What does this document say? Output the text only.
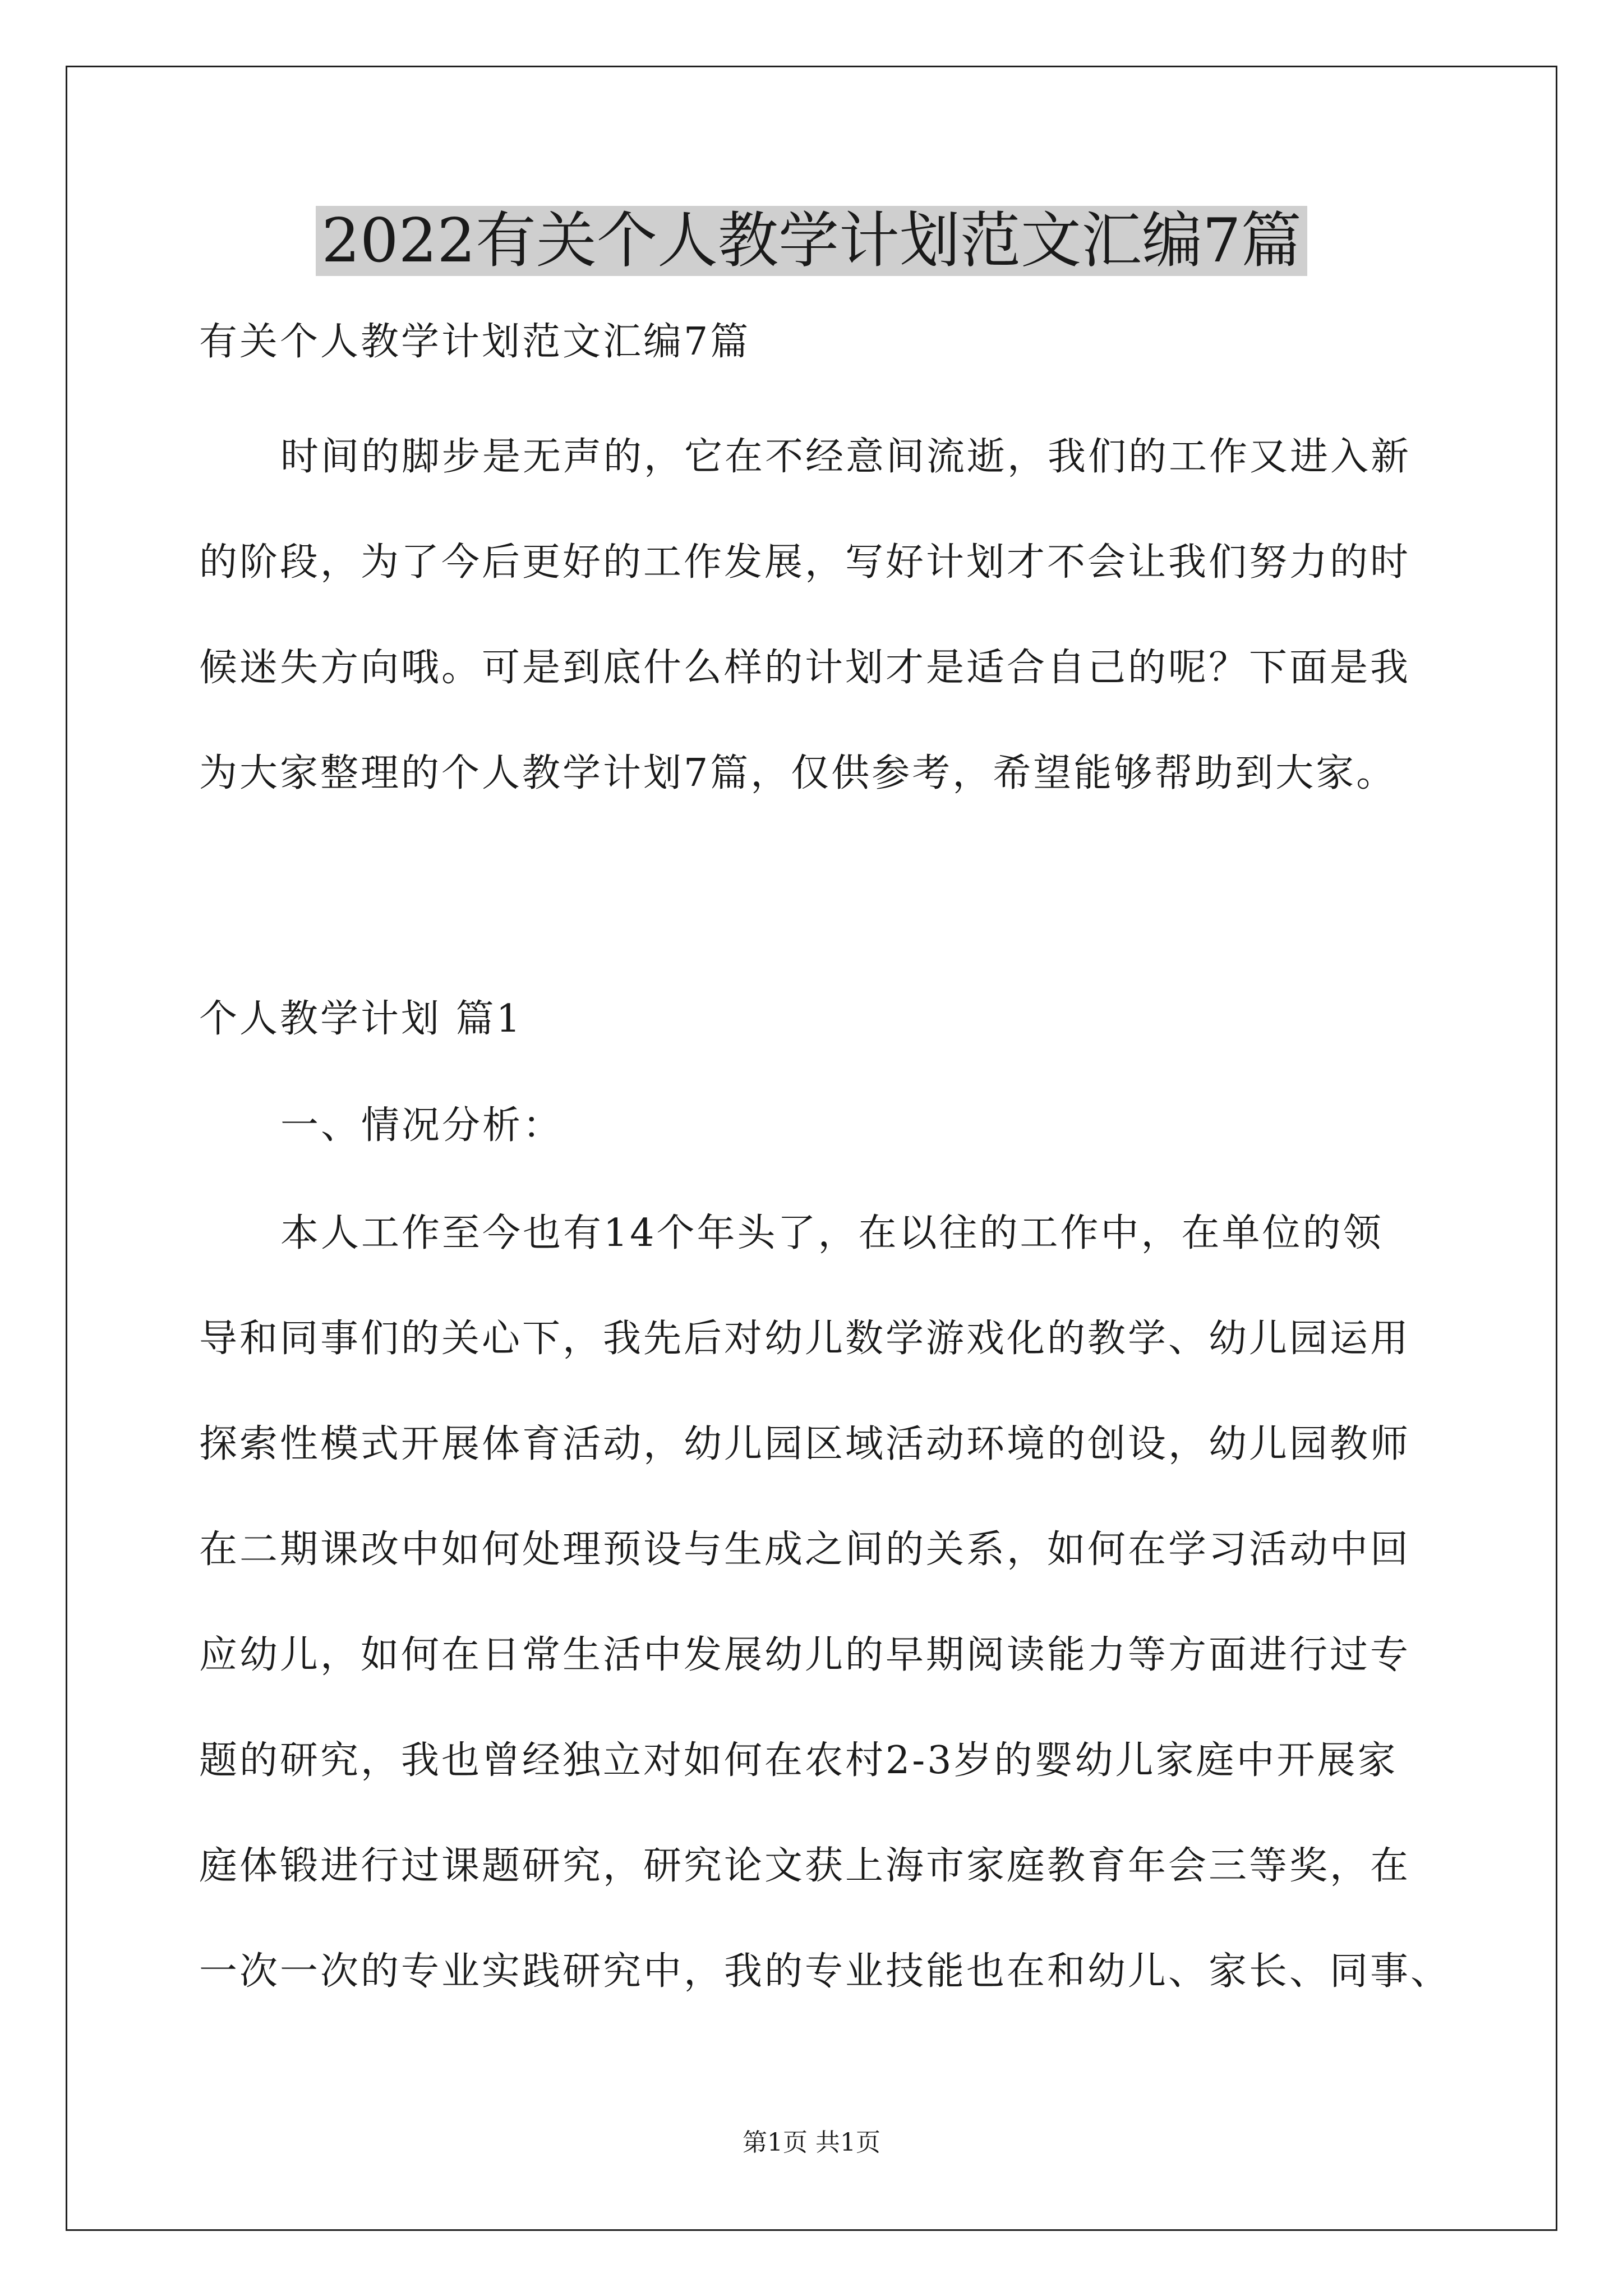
2022有关个人教学计划范文汇编7篇
有关个人教学计划范文汇编7篇
时间的脚步是无声的，它在不经意间流逝，我们的工作又进入新
的阶段，为了今后更好的工作发展，写好计划才不会让我们努力的时
候迷失方向哦。可是到底什么样的计划才是适合自己的呢？下面是我
为大家整理的个人教学计划7篇，仅供参考，希望能够帮助到大家。
个人教学计划 篇1
一、情况分析：
本人工作至今也有14个年头了，在以往的工作中，在单位的领
导和同事们的关心下，我先后对幼儿数学游戏化的教学、幼儿园运用
探索性模式开展体育活动，幼儿园区域活动环境的创设，幼儿园教师
在二期课改中如何处理预设与生成之间的关系，如何在学习活动中回
应幼儿，如何在日常生活中发展幼儿的早期阅读能力等方面进行过专
题的研究，我也曾经独立对如何在农村2-3岁的婴幼儿家庭中开展家
庭体锻进行过课题研究，研究论文获上海市家庭教育年会三等奖，在
一次一次的专业实践研究中，我的专业技能也在和幼儿、家长、同事、
第1页 共1页
